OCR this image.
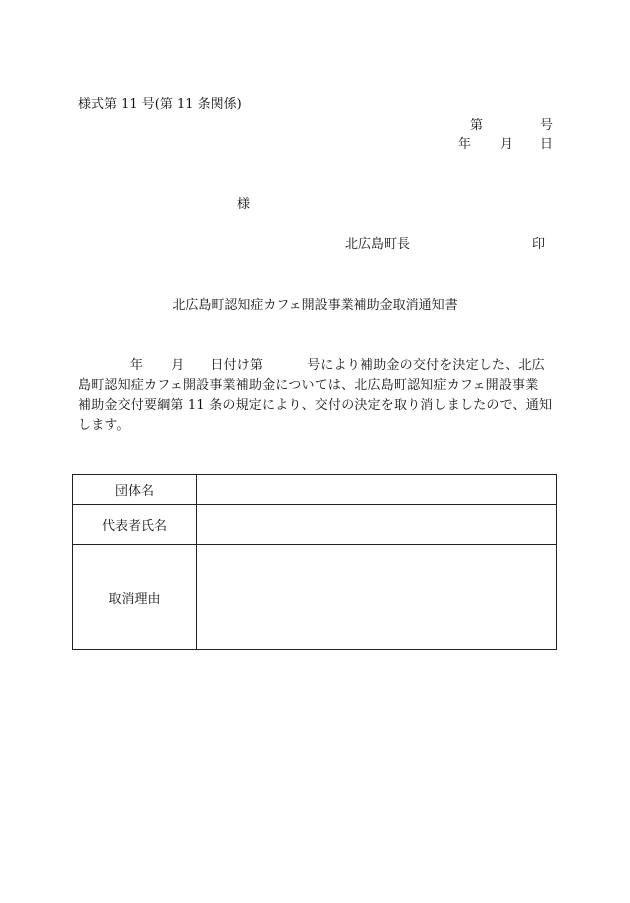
様式第 11 号(第 11 条関係)
第	号
年 月 日
様
北広島町長	印
北広島町認知症カフェ開設事業補助金取消通知書
年 月 日付け第	号により補助金の交付を決定した、北広
島町認知症カフェ開設事業補助金については、北広島町認知症カフェ開設事業
補助金交付要綱第 11 条の規定により、交付の決定を取り消しましたので、通知
します。
団体名	
代表者氏名	
取消理由	
